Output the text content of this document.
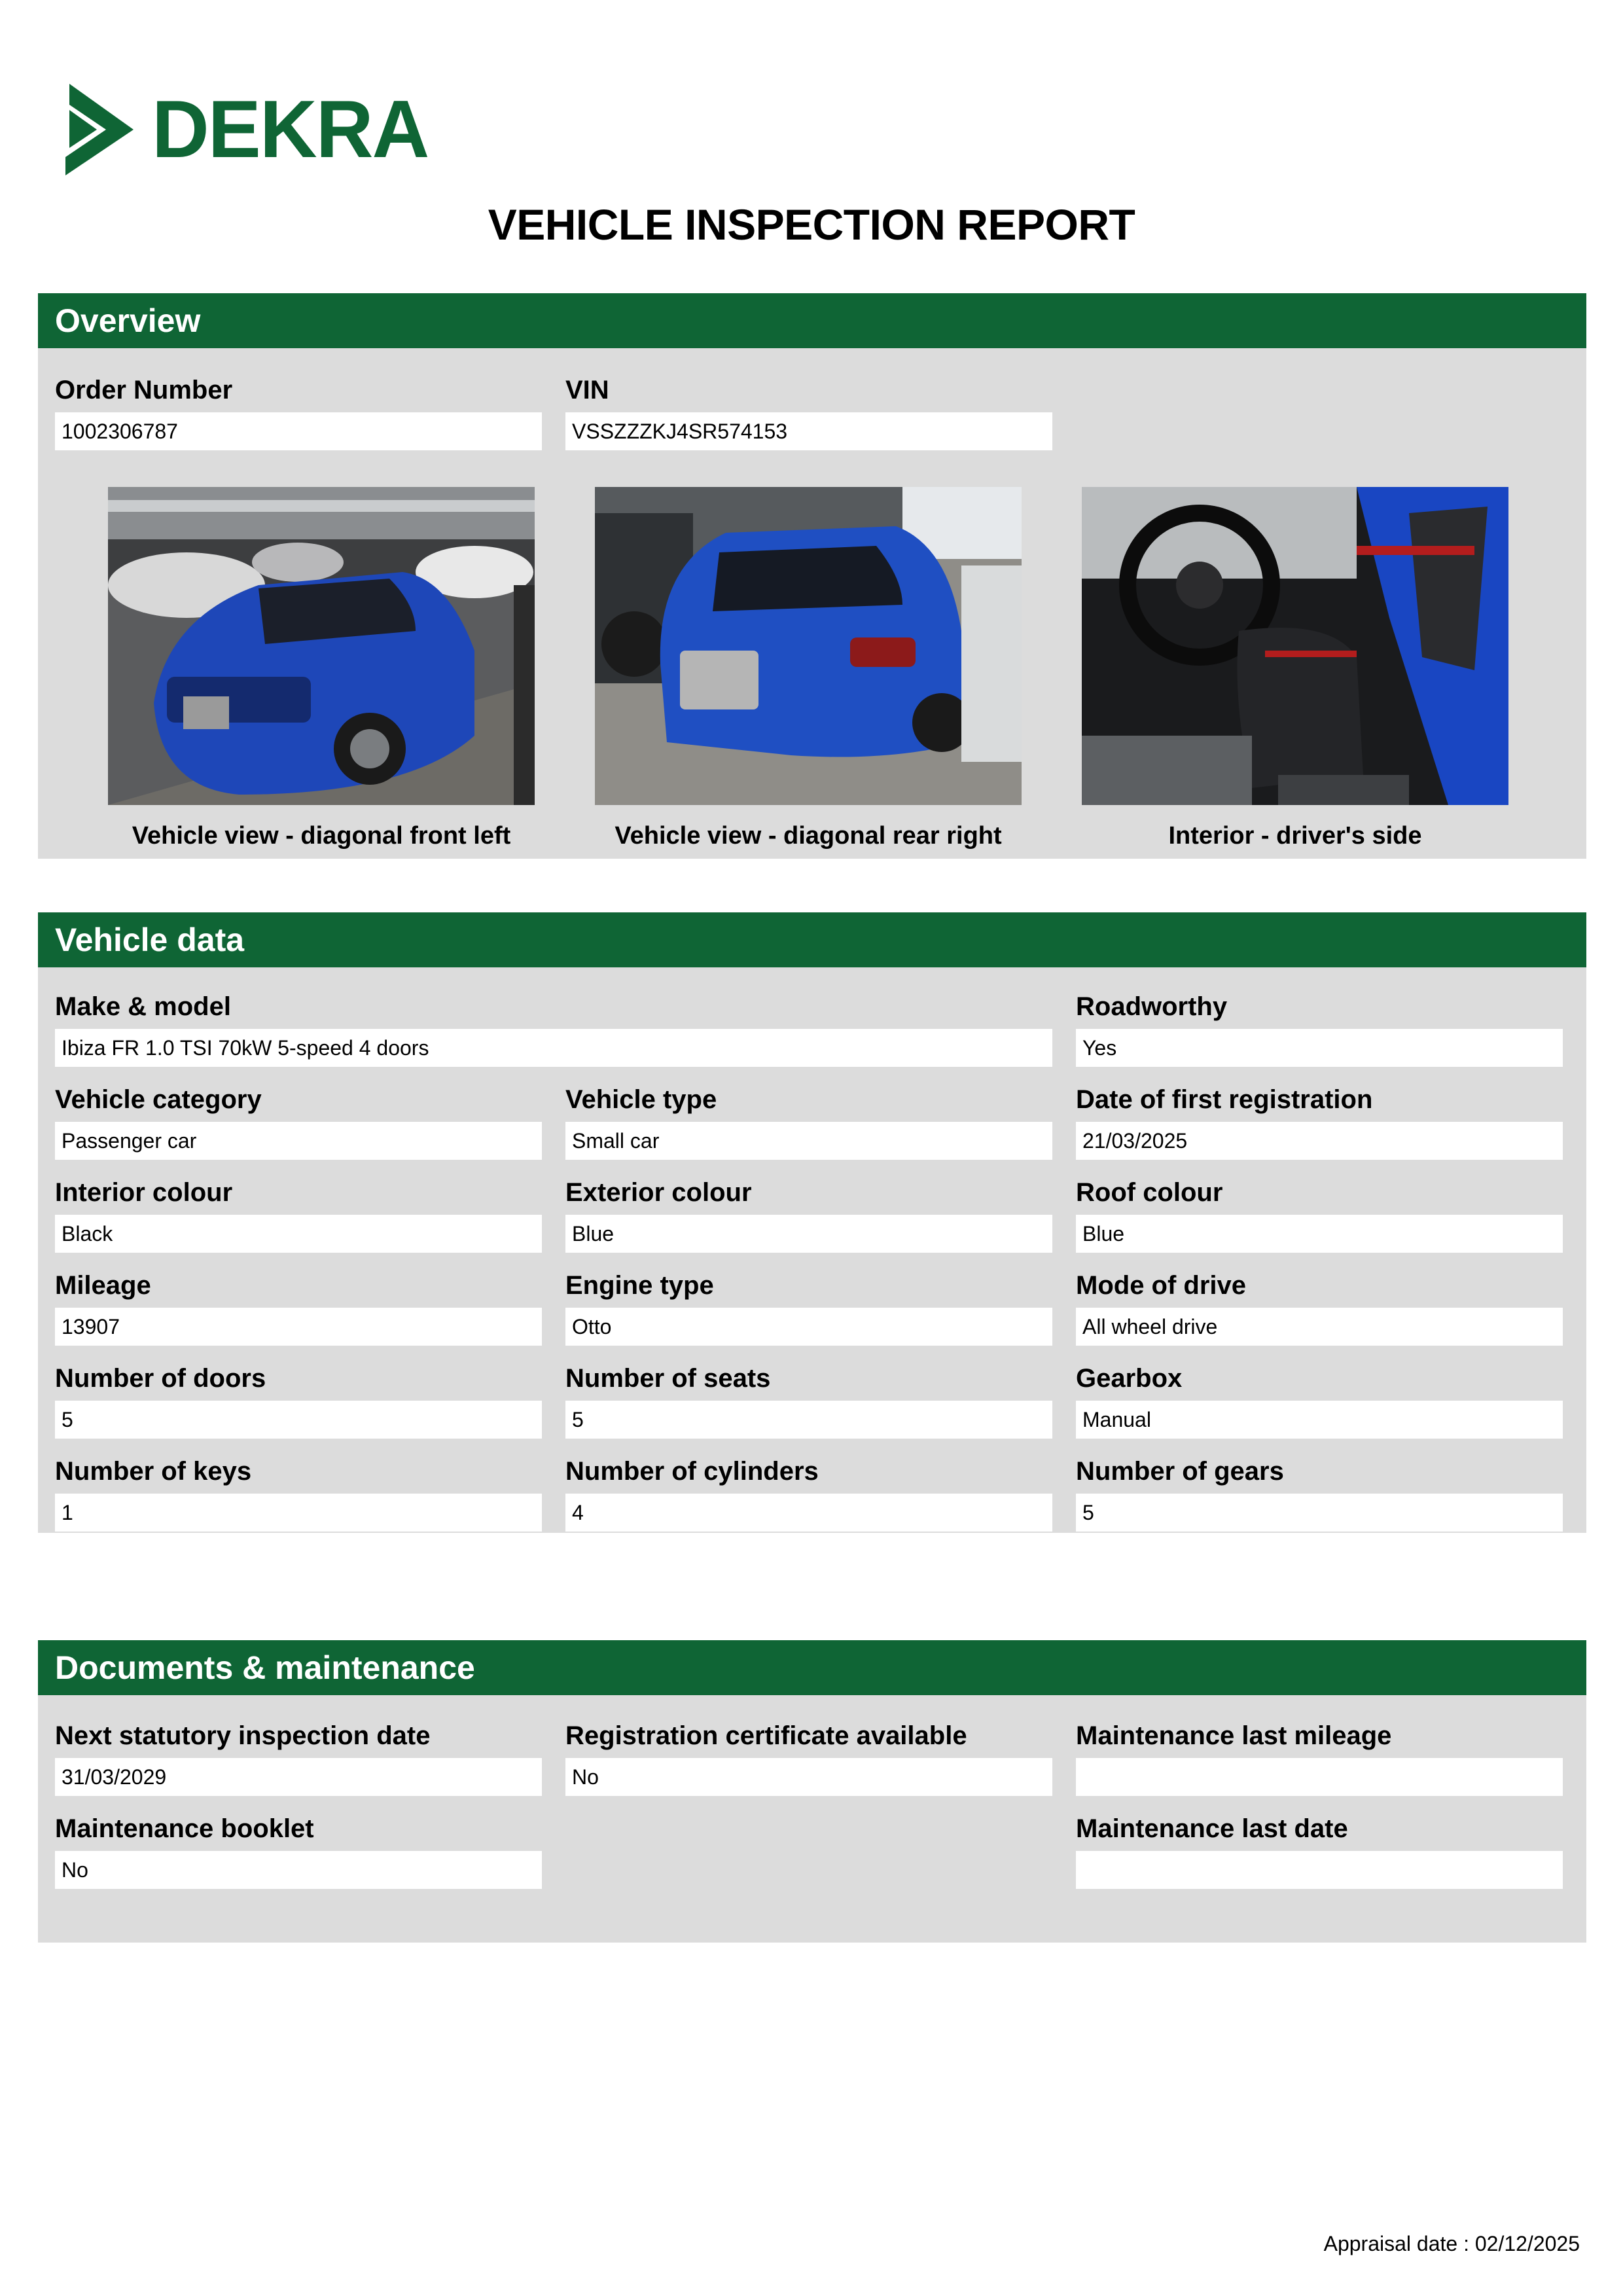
DEKRA
VEHICLE INSPECTION REPORT
Overview
Order Number
1002306787
VIN
VSSZZZKJ4SR574153
Vehicle view - diagonal front left	Vehicle view - diagonal rear right	Interior - driver's side
Vehicle data
Make & model
Ibiza FR 1.0 TSI 70kW 5-speed 4 doors
Roadworthy
Yes
Vehicle category
Passenger car
Vehicle type
Small car
Date of first registration
21/03/2025
Interior colour
Black
Exterior colour
Blue
Roof colour
Blue
Mileage
13907
Engine type
Otto
Mode of drive
All wheel drive
Number of doors
5
Number of seats
5
Gearbox
Manual
Number of keys
1
Number of cylinders
4
Number of gears
5
Documents & maintenance
Next statutory inspection date
31/03/2029
Registration certificate available
No
Maintenance last mileage
Maintenance booklet
No
Maintenance last date
Appraisal date : 02/12/2025
